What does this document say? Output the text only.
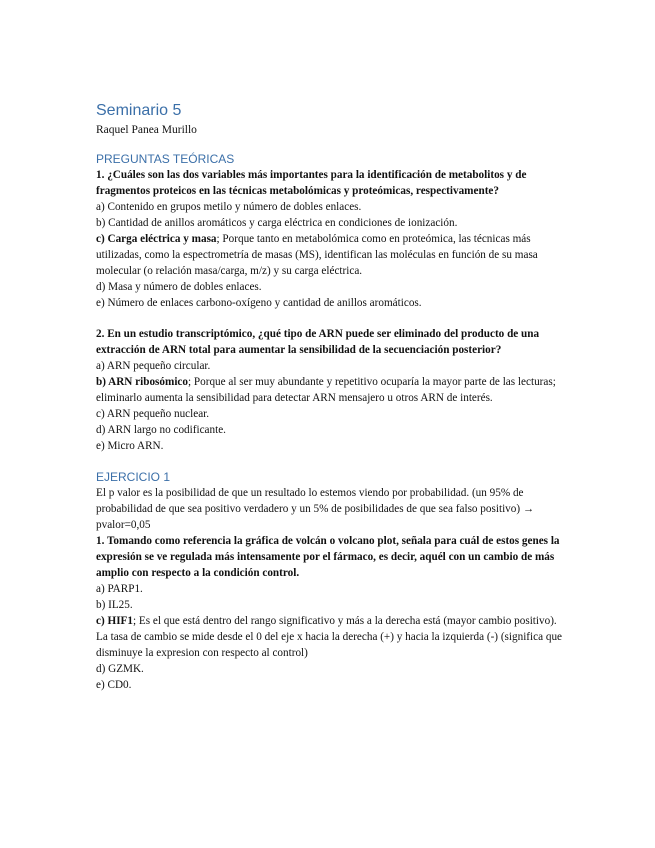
Seminario 5
Raquel Panea Murillo
PREGUNTAS TEÓRICAS

1. ¿Cuáles son las dos variables más importantes para la identificación de metabolitos y de fragmentos proteicos en las técnicas metabolómicas y proteómicas, respectivamente?

a) Contenido en grupos metilo y número de dobles enlaces.

b) Cantidad de anillos aromáticos y carga eléctrica en condiciones de ionización.

c) Carga eléctrica y masa; Porque tanto en metabolómica como en proteómica, las técnicas más utilizadas, como la espectrometría de masas (MS), identifican las moléculas en función de su masa molecular (o relación masa/carga, m/z) y su carga eléctrica.

d) Masa y número de dobles enlaces.

e) Número de enlaces carbono-oxígeno y cantidad de anillos aromáticos.

2. En un estudio transcriptómico, ¿qué tipo de ARN puede ser eliminado del producto de una extracción de ARN total para aumentar la sensibilidad de la secuenciación posterior?

a) ARN pequeño circular.

b) ARN ribosómico; Porque al ser muy abundante y repetitivo ocuparía la mayor parte de las lecturas; eliminarlo aumenta la sensibilidad para detectar ARN mensajero u otros ARN de interés.

c) ARN pequeño nuclear.

d) ARN largo no codificante.

e) Micro ARN.

EJERCICIO 1

El p valor es la posibilidad de que un resultado lo estemos viendo por probabilidad. (un 95% de probabilidad de que sea positivo verdadero y un 5% de posibilidades de que sea falso positivo) → pvalor=0,05

1. Tomando como referencia la gráfica de volcán o volcano plot, señala para cuál de estos genes la expresión se ve regulada más intensamente por el fármaco, es decir, aquél con un cambio de más amplio con respecto a la condición control.

a) PARP1.

b) IL25.

c) HIF1; Es el que está dentro del rango significativo y más a la derecha está (mayor cambio positivo). La tasa de cambio se mide desde el 0 del eje x hacia la derecha (+) y hacia la izquierda (-) (significa que disminuye la expresion con respecto al control)

d) GZMK.

e) CD0.
